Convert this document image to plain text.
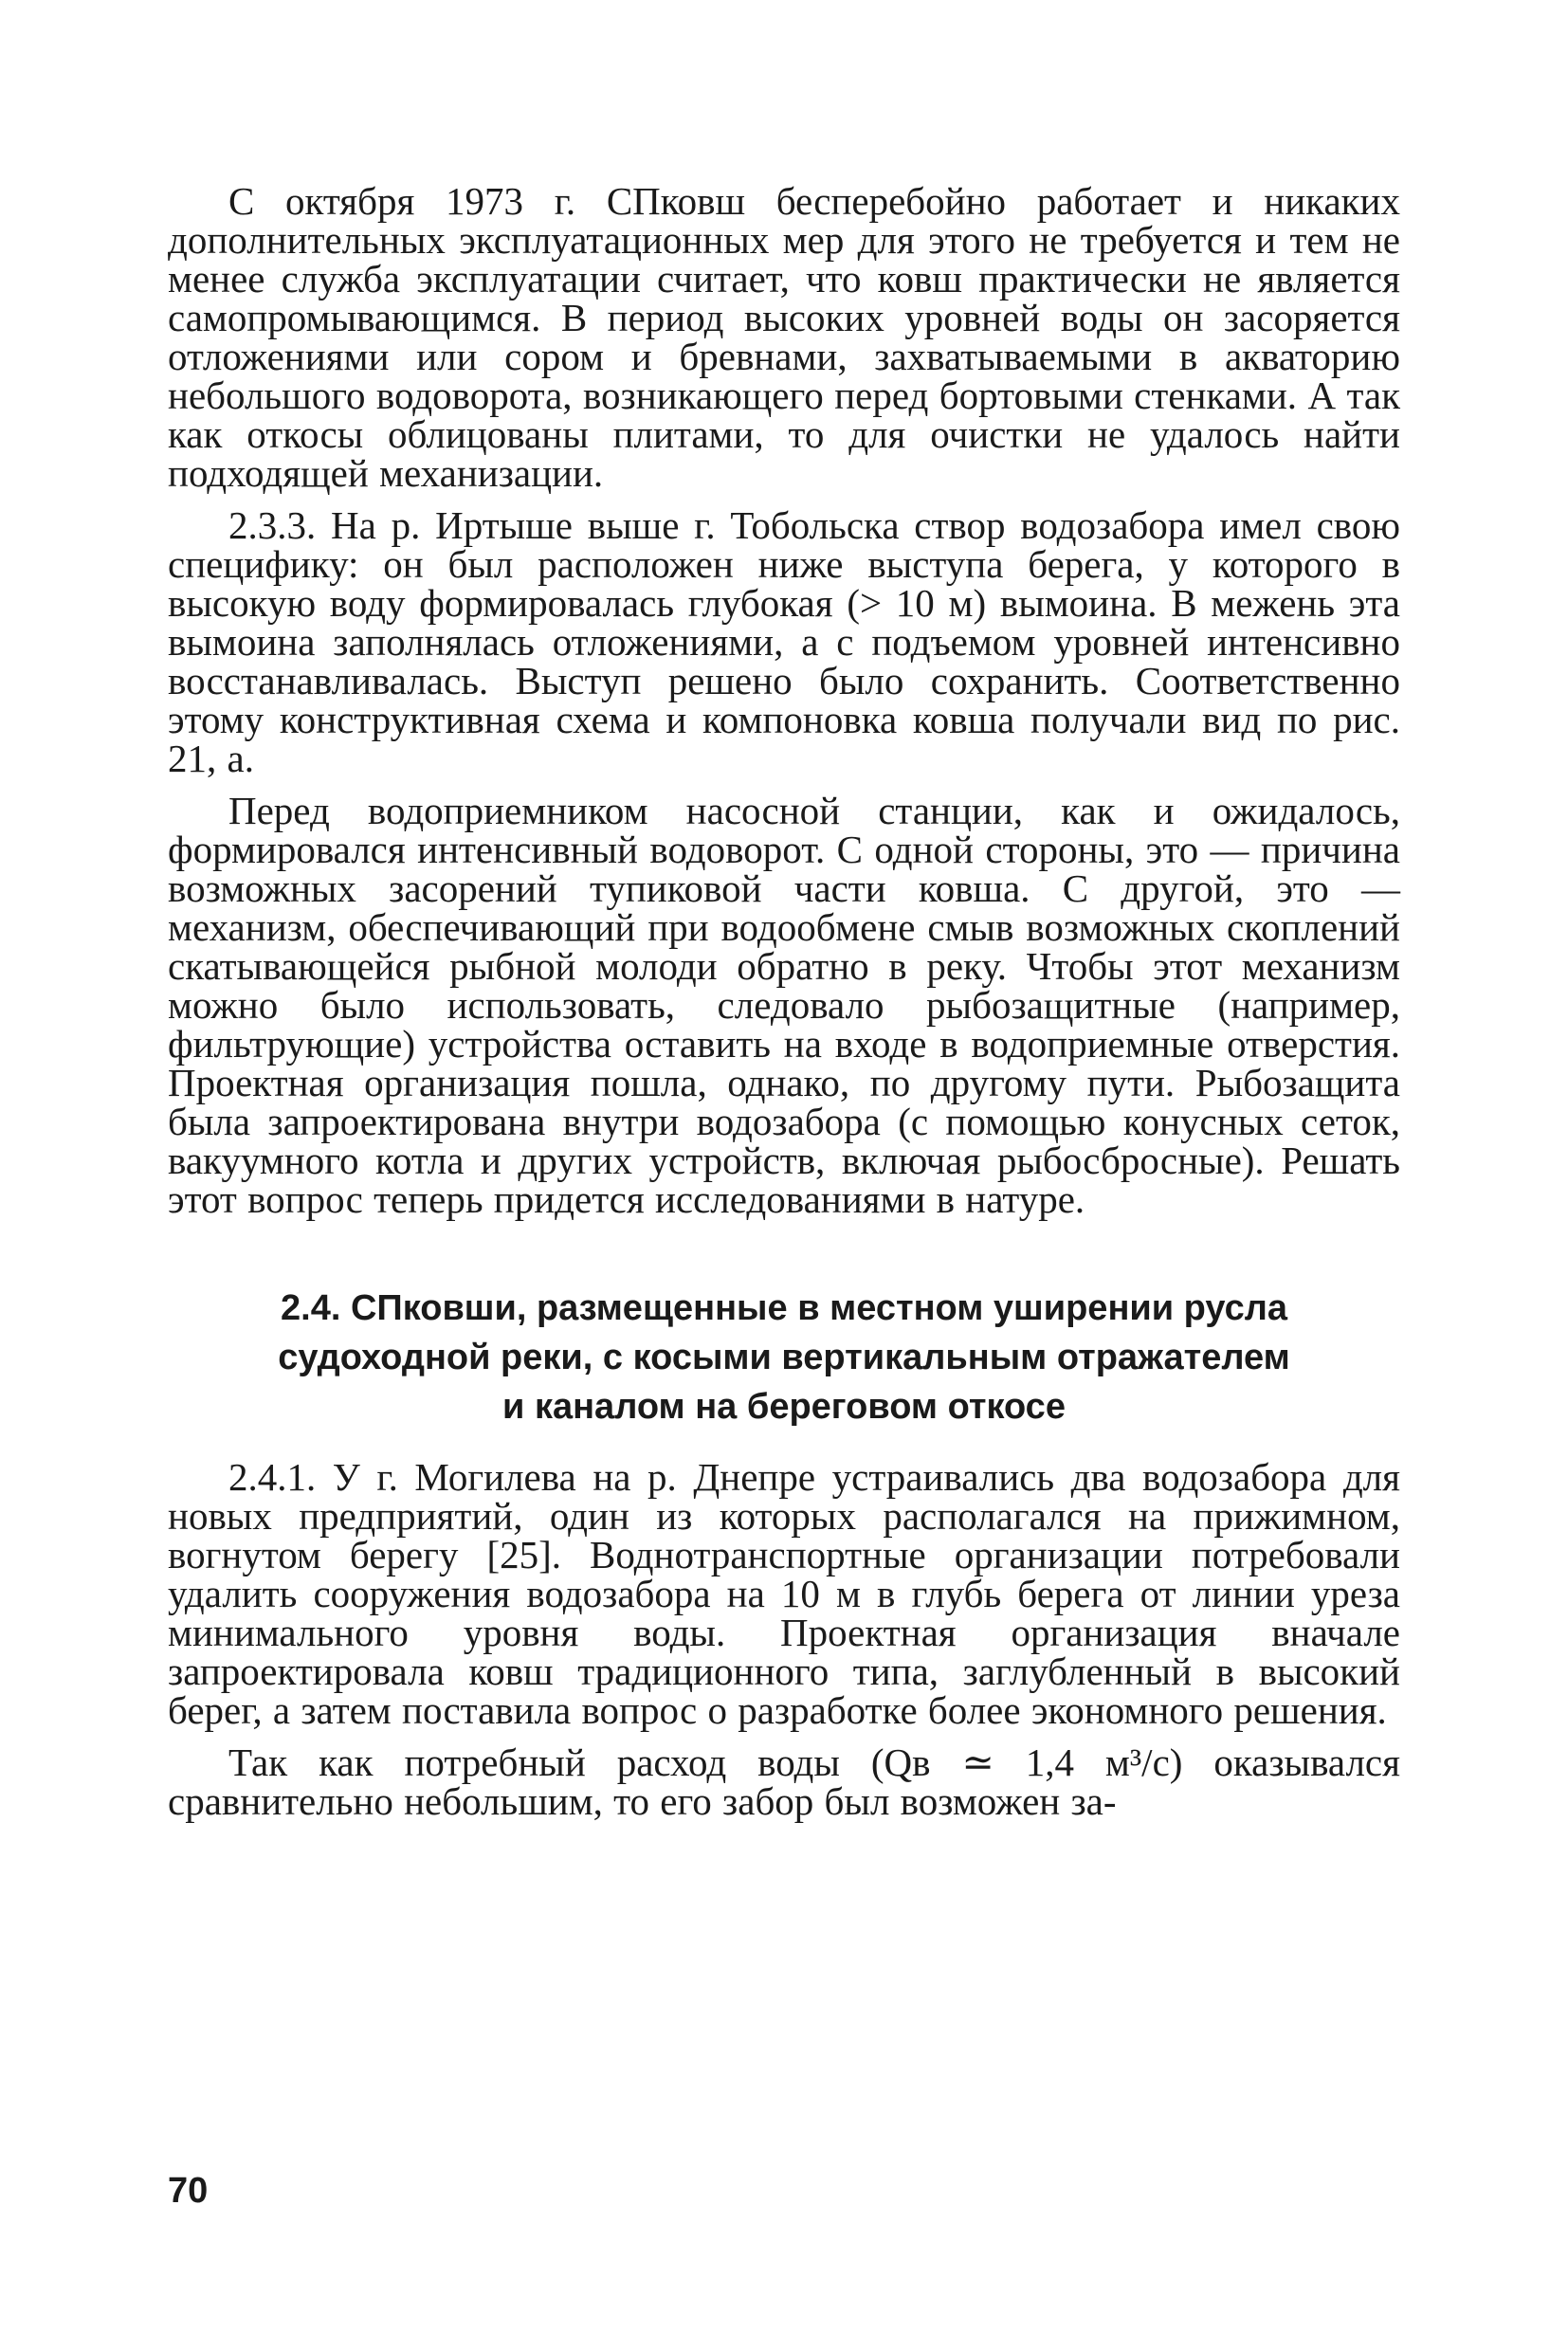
С октября 1973 г. СПковш бесперебойно работает и никаких дополнительных эксплуатационных мер для этого не требуется и тем не менее служба эксплуатации считает, что ковш практически не является самопромывающимся. В период высоких уровней воды он засоряется отложениями или сором и бревнами, захватываемыми в акваторию небольшого водоворота, возникающего перед бортовыми стенками. А так как откосы облицованы плитами, то для очистки не удалось найти подходящей механизации.

2.3.3. На р. Иртыше выше г. Тобольска створ водозабора имел свою специфику: он был расположен ниже выступа берега, у которого в высокую воду формировалась глубокая (> 10 м) вымоина. В межень эта вымоина заполнялась отложениями, а с подъемом уровней интенсивно восстанавливалась. Выступ решено было сохранить. Соответственно этому конструктивная схема и компоновка ковша получали вид по рис. 21, а.

Перед водоприемником насосной станции, как и ожидалось, формировался интенсивный водоворот. С одной стороны, это — причина возможных засорений тупиковой части ковша. С другой, это — механизм, обеспечивающий при водообмене смыв возможных скоплений скатывающейся рыбной молоди обратно в реку. Чтобы этот механизм можно было использовать, следовало рыбозащитные (например, фильтрующие) устройства оставить на входе в водоприемные отверстия. Проектная организация пошла, однако, по другому пути. Рыбозащита была запроектирована внутри водозабора (с помощью конусных сеток, вакуумного котла и других устройств, включая рыбосбросные). Решать этот вопрос теперь придется исследованиями в натуре.

2.4. СПковши, размещенные в местном уширении русла
судоходной реки, с косыми вертикальным отражателем
и каналом на береговом откосе

2.4.1. У г. Могилева на р. Днепре устраивались два водозабора для новых предприятий, один из которых располагался на прижимном, вогнутом берегу [25]. Воднотранспортные организации потребовали удалить сооружения водозабора на 10 м в глубь берега от линии уреза минимального уровня воды. Проектная организация вначале запроектировала ковш традиционного типа, заглубленный в высокий берег, а затем поставила вопрос о разработке более экономного решения.

Так как потребный расход воды (Qв ≃ 1,4 м³/с) оказывался сравнительно небольшим, то его забор был возможен за-

70
